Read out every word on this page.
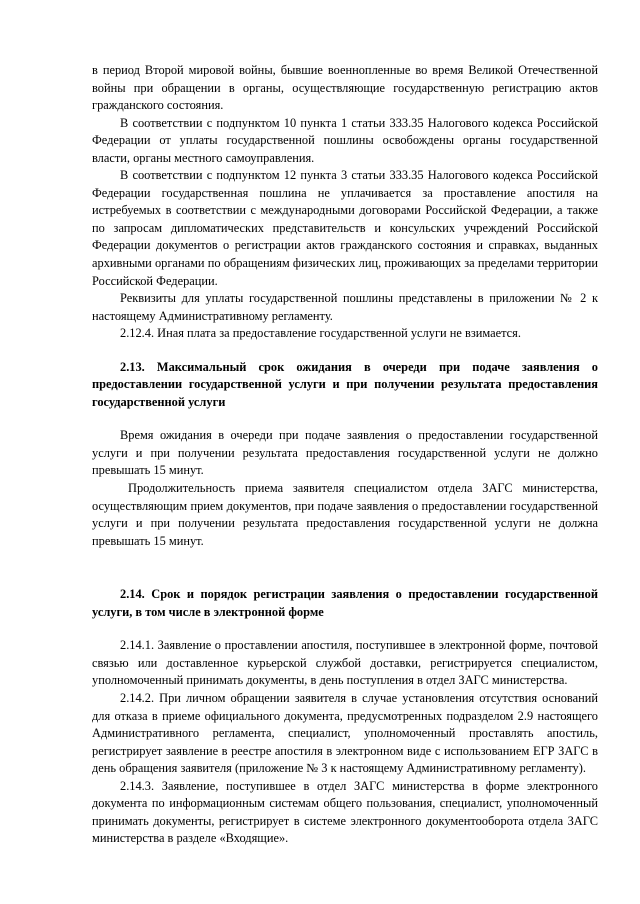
в период Второй мировой войны, бывшие военнопленные во время Великой Отечественной войны при обращении в органы, осуществляющие государственную регистрацию актов гражданского состояния.

В соответствии с подпунктом 10 пункта 1 статьи 333.35 Налогового кодекса Российской Федерации от уплаты государственной пошлины освобождены органы государственной власти, органы местного самоуправления.

В соответствии с подпунктом 12 пункта 3 статьи 333.35 Налогового кодекса Российской Федерации государственная пошлина не уплачивается за проставление апостиля на истребуемых в соответствии с международными договорами Российской Федерации, а также по запросам дипломатических представительств и консульских учреждений Российской Федерации документов о регистрации актов гражданского состояния и справках, выданных архивными органами по обращениям физических лиц, проживающих за пределами территории Российской Федерации.

Реквизиты для уплаты государственной пошлины представлены в приложении № 2 к настоящему Административному регламенту.

2.12.4. Иная плата за предоставление государственной услуги не взимается.

2.13. Максимальный срок ожидания в очереди при подаче заявления о предоставлении государственной услуги и при получении результата предоставления государственной услуги

Время ожидания в очереди при подаче заявления о предоставлении государственной услуги и при получении результата предоставления государственной услуги не должно превышать 15 минут.

Продолжительность приема заявителя специалистом отдела ЗАГС министерства, осуществляющим прием документов, при подаче заявления о предоставлении государственной услуги и при получении результата предоставления государственной услуги не должна превышать 15 минут.

2.14. Срок и порядок регистрации заявления о предоставлении государственной услуги, в том числе в электронной форме

2.14.1. Заявление о проставлении апостиля, поступившее в электронной форме, почтовой связью или доставленное курьерской службой доставки, регистрируется специалистом, уполномоченный принимать документы, в день поступления в отдел ЗАГС министерства.

2.14.2. При личном обращении заявителя в случае установления отсутствия оснований для отказа в приеме официального документа, предусмотренных подразделом 2.9 настоящего Административного регламента, специалист, уполномоченный проставлять апостиль, регистрирует заявление в реестре апостиля в электронном виде с использованием ЕГР ЗАГС в день обращения заявителя (приложение № 3 к настоящему Административному регламенту).

2.14.3. Заявление, поступившее в отдел ЗАГС министерства в форме электронного документа по информационным системам общего пользования, специалист, уполномоченный принимать документы, регистрирует в системе электронного документооборота отдела ЗАГС министерства в разделе «Входящие».
